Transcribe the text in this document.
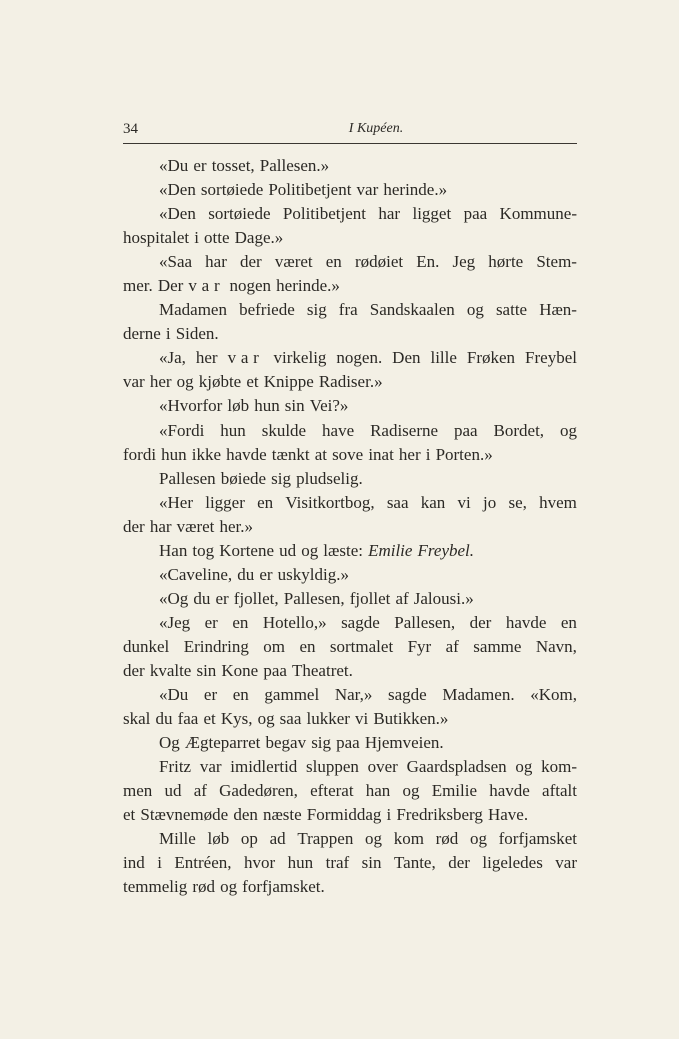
34	I Kupéen.
«Du er tosset, Pallesen.»
«Den sortøiede Politibetjent var herinde.»
«Den sortøiede Politibetjent har ligget paa Kommune-
hospitalet i otte Dage.»
«Saa har der været en rødøiet En. Jeg hørte Stem-
mer. Der var nogen herinde.»
Madamen befriede sig fra Sandskaalen og satte Hæn-
derne i Siden.
«Ja, her var virkelig nogen. Den lille Frøken Freybel
var her og kjøbte et Knippe Radiser.»
«Hvorfor løb hun sin Vei?»
«Fordi hun skulde have Radiserne paa Bordet, og
fordi hun ikke havde tænkt at sove inat her i Porten.»
Pallesen bøiede sig pludselig.
«Her ligger en Visitkortbog, saa kan vi jo se, hvem
der har været her.»
Han tog Kortene ud og læste: Emilie Freybel.
«Caveline, du er uskyldig.»
«Og du er fjollet, Pallesen, fjollet af Jalousi.»
«Jeg er en Hotello,» sagde Pallesen, der havde en
dunkel Erindring om en sortmalet Fyr af samme Navn,
der kvalte sin Kone paa Theatret.
«Du er en gammel Nar,» sagde Madamen. «Kom,
skal du faa et Kys, og saa lukker vi Butikken.»
Og Ægteparret begav sig paa Hjemveien.
Fritz var imidlertid sluppen over Gaardspladsen og kom-
men ud af Gadedøren, efterat han og Emilie havde aftalt
et Stævnemøde den næste Formiddag i Fredriksberg Have.
Mille løb op ad Trappen og kom rød og forfjamsket
ind i Entréen, hvor hun traf sin Tante, der ligeledes var
temmelig rød og forfjamsket.
